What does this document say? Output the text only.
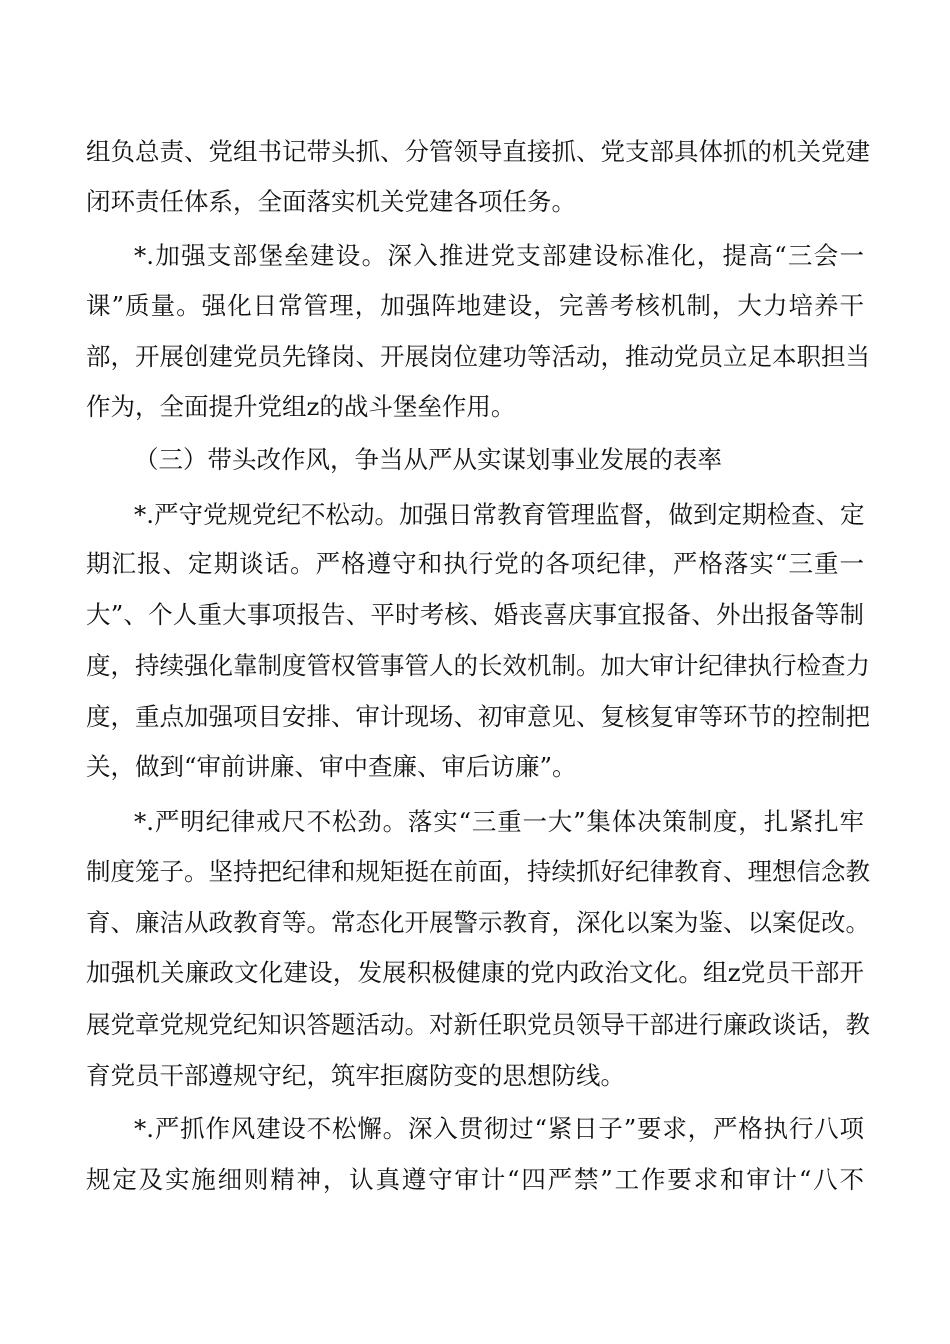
组负总责、党组书记带头抓、分管领导直接抓、党支部具体抓的机关党建
闭环责任体系，全面落实机关党建各项任务。
*.加强支部堡垒建设。深入推进党支部建设标准化，提高“三会一
课”质量。强化日常管理，加强阵地建设，完善考核机制，大力培养干
部，开展创建党员先锋岗、开展岗位建功等活动，推动党员立足本职担当
作为，全面提升党组z的战斗堡垒作用。
（三）带头改作风，争当从严从实谋划事业发展的表率
*.严守党规党纪不松动。加强日常教育管理监督，做到定期检查、定
期汇报、定期谈话。严格遵守和执行党的各项纪律，严格落实“三重一
大”、个人重大事项报告、平时考核、婚丧喜庆事宜报备、外出报备等制
度，持续强化靠制度管权管事管人的长效机制。加大审计纪律执行检查力
度，重点加强项目安排、审计现场、初审意见、复核复审等环节的控制把
关，做到“审前讲廉、审中查廉、审后访廉”。
*.严明纪律戒尺不松劲。落实“三重一大”集体决策制度，扎紧扎牢
制度笼子。坚持把纪律和规矩挺在前面，持续抓好纪律教育、理想信念教
育、廉洁从政教育等。常态化开展警示教育，深化以案为鉴、以案促改。
加强机关廉政文化建设，发展积极健康的党内政治文化。组z党员干部开
展党章党规党纪知识答题活动。对新任职党员领导干部进行廉政谈话，教
育党员干部遵规守纪，筑牢拒腐防变的思想防线。
*.严抓作风建设不松懈。深入贯彻过“紧日子”要求，严格执行八项
规定及实施细则精神，认真遵守审计“四严禁”工作要求和审计“八不
